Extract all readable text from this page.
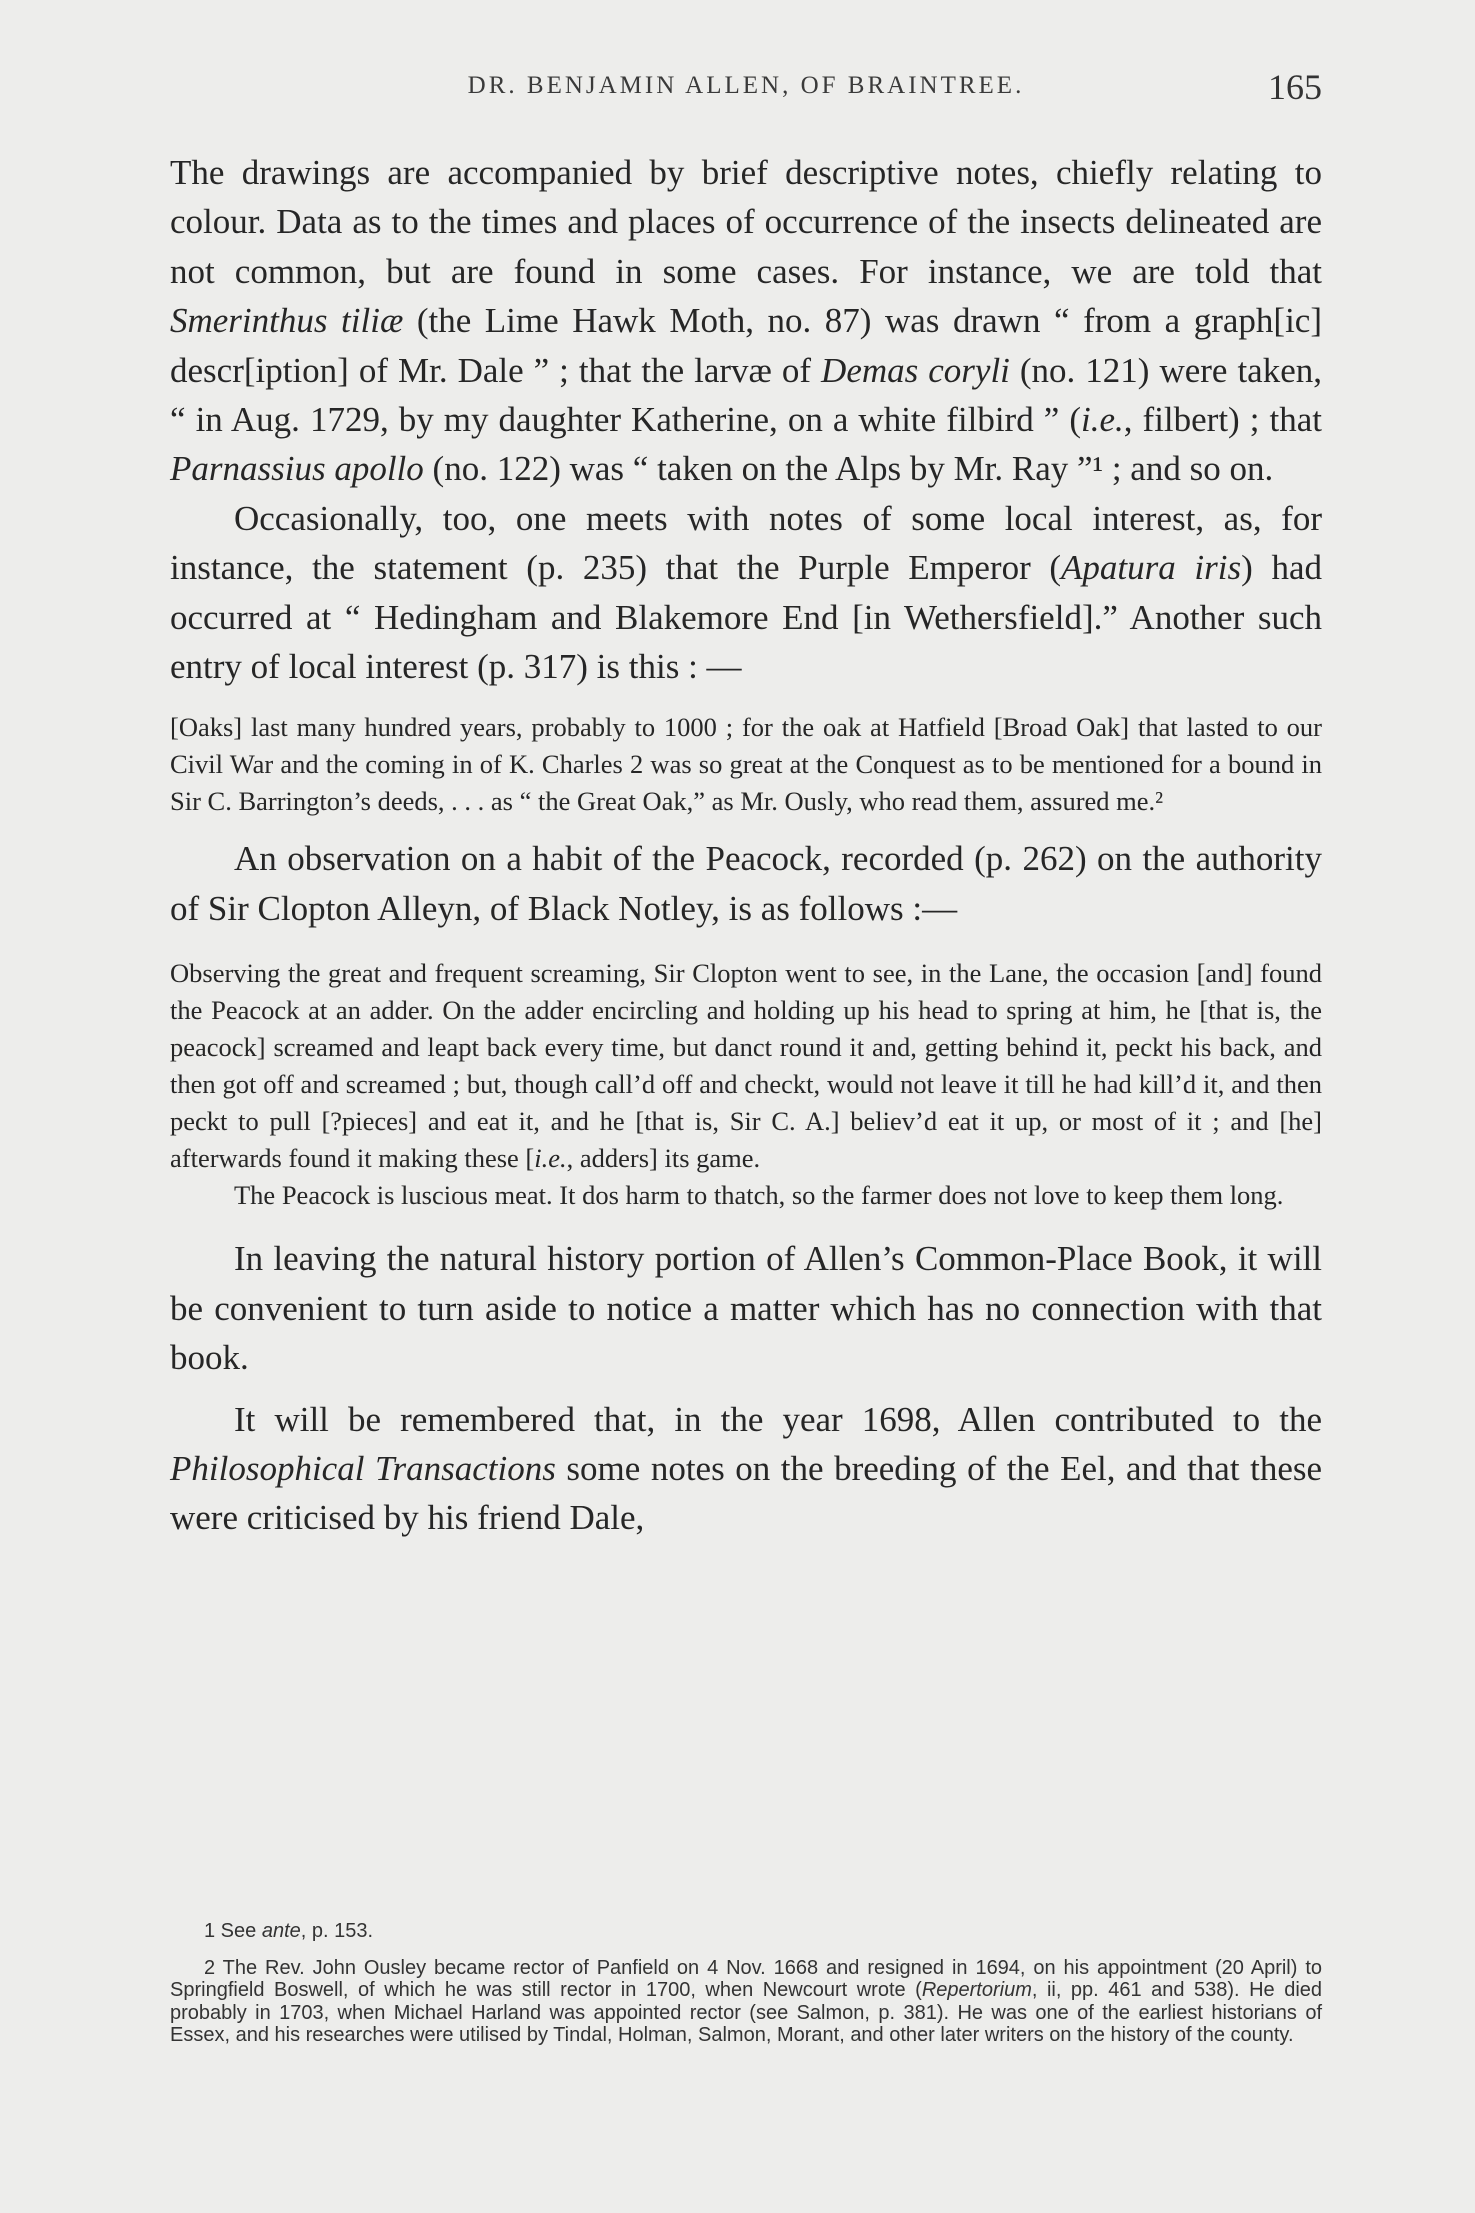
DR. BENJAMIN ALLEN, OF BRAINTREE.	165

The drawings are accompanied by brief descriptive notes, chiefly relating to colour. Data as to the times and places of occurrence of the insects delineated are not common, but are found in some cases. For instance, we are told that Smerinthus tiliæ (the Lime Hawk Moth, no. 87) was drawn “ from a graph[ic] descr[iption] of Mr. Dale ” ; that the larvæ of Demas coryli (no. 121) were taken, “ in Aug. 1729, by my daughter Katherine, on a white filbird ” (i.e., filbert) ; that Parnassius apollo (no. 122) was “ taken on the Alps by Mr. Ray ”¹ ; and so on.

Occasionally, too, one meets with notes of some local interest, as, for instance, the statement (p. 235) that the Purple Emperor (Apatura iris) had occurred at “ Hedingham and Blakemore End [in Wethersfield].” Another such entry of local interest (p. 317) is this : —

[Oaks] last many hundred years, probably to 1000 ; for the oak at Hatfield [Broad Oak] that lasted to our Civil War and the coming in of K. Charles 2 was so great at the Conquest as to be mentioned for a bound in Sir C. Barrington’s deeds, . . . as “ the Great Oak,” as Mr. Ously, who read them, assured me.²

An observation on a habit of the Peacock, recorded (p. 262) on the authority of Sir Clopton Alleyn, of Black Notley, is as follows :—

Observing the great and frequent screaming, Sir Clopton went to see, in the Lane, the occasion [and] found the Peacock at an adder. On the adder encircling and holding up his head to spring at him, he [that is, the peacock] screamed and leapt back every time, but danct round it and, getting behind it, peckt his back, and then got off and screamed ; but, though call’d off and checkt, would not leave it till he had kill’d it, and then peckt to pull [?pieces] and eat it, and he [that is, Sir C. A.] believ’d eat it up, or most of it ; and [he] afterwards found it making these [i.e., adders] its game.

The Peacock is luscious meat. It dos harm to thatch, so the farmer does not love to keep them long.

In leaving the natural history portion of Allen’s Common-Place Book, it will be convenient to turn aside to notice a matter which has no connection with that book.

It will be remembered that, in the year 1698, Allen contributed to the Philosophical Transactions some notes on the breeding of the Eel, and that these were criticised by his friend Dale,

1 See ante, p. 153.

2 The Rev. John Ousley became rector of Panfield on 4 Nov. 1668 and resigned in 1694, on his appointment (20 April) to Springfield Boswell, of which he was still rector in 1700, when Newcourt wrote (Repertorium, ii, pp. 461 and 538). He died probably in 1703, when Michael Harland was appointed rector (see Salmon, p. 381). He was one of the earliest historians of Essex, and his researches were utilised by Tindal, Holman, Salmon, Morant, and other later writers on the history of the county.
